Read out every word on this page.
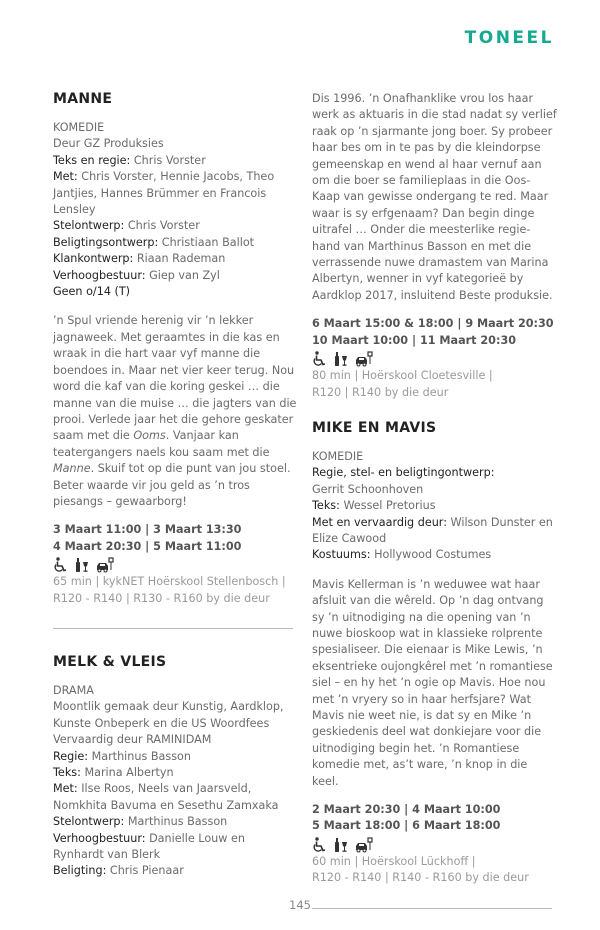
TONEEL
MANNE

KOMEDIE

Deur GZ Produksies

Teks en regie: Chris Vorster

Met: Chris Vorster, Hennie Jacobs, Theo Jantjies, Hannes Brümmer en Francois Lensley

Stelontwerp: Chris Vorster

Beligtingsontwerp: Christiaan Ballot

Klankontwerp: Riaan Rademan

Verhoogbestuur: Giep van Zyl

Geen o/14 (T)

’n Spul vriende herenig vir ’n lekker jagnaweek. Met geraamtes in die kas en wraak in die hart vaar vyf manne die boendoes in. Maar net vier keer terug. Nou word die kaf van die koring geskei … die manne van die muise … die jagters van die prooi. Verlede jaar het die gehore geskater saam met die Ooms. Vanjaar kan teatergangers naels kou saam met die Manne. Skuif tot op die punt van jou stoel. Beter waarde vir jou geld as ’n tros piesangs – gewaarborg!

3 Maart 11:00 | 3 Maart 13:30
4 Maart 20:30 | 5 Maart 11:00
65 min | kykNET Hoërskool Stellenbosch |
R120 - R140 | R130 - R160 by die deur
MELK & VLEIS

DRAMA

Moontlik gemaak deur Kunstig, Aardklop, Kunste Onbeperk en die US Woordfees

Vervaardig deur RAMINIDAM

Regie: Marthinus Basson

Teks: Marina Albertyn

Met: Ilse Roos, Neels van Jaarsveld, Nomkhita Bavuma en Sesethu Zamxaka

Stelontwerp: Marthinus Basson

Verhoogbestuur: Danielle Louw en Rynhardt van Blerk

Beligting: Chris Pienaar

Dis 1996. ’n Onafhanklike vrou los haar werk as aktuaris in die stad nadat sy verlief raak op ’n sjarmante jong boer. Sy probeer haar bes om in te pas by die kleindorpse gemeenskap en wend al haar vernuf aan om die boer se familieplaas in die Oos-Kaap van gewisse ondergang te red. Maar waar is sy erfgenaam? Dan begin dinge uitrafel … Onder die meesterlike regie-hand van Marthinus Basson en met die verrassende nuwe dramastem van Marina Albertyn, wenner in vyf kategorieë by Aardklop 2017, insluitend Beste produksie.

6 Maart 15:00 & 18:00 | 9 Maart 20:30
10 Maart 10:00 | 11 Maart 20:30
80 min | Hoërskool Cloetesville |
R120 | R140 by die deur
MIKE EN MAVIS

KOMEDIE

Regie, stel- en beligtingontwerp:
Gerrit Schoonhoven

Teks: Wessel Pretorius

Met en vervaardig deur: Wilson Dunster en Elize Cawood

Kostuums: Hollywood Costumes

Mavis Kellerman is ’n weduwee wat haar afsluit van die wêreld. Op ’n dag ontvang sy ’n uitnodiging na die opening van ’n nuwe bioskoop wat in klassieke rolprente spesialiseer. Die eienaar is Mike Lewis, ’n eksentrieke oujongkêrel met ’n romantiese siel – en hy het ’n ogie op Mavis. Hoe nou met ’n vryery so in haar herfsjare? Wat Mavis nie weet nie, is dat sy en Mike ’n geskiedenis deel wat donkiejare voor die uitnodiging begin het. ’n Romantiese komedie met, as’t ware, ’n knop in die keel.

2 Maart 20:30 | 4 Maart 10:00
5 Maart 18:00 | 6 Maart 18:00
60 min | Hoërskool Lückhoff |
R120 - R140 | R140 - R160 by die deur
145
